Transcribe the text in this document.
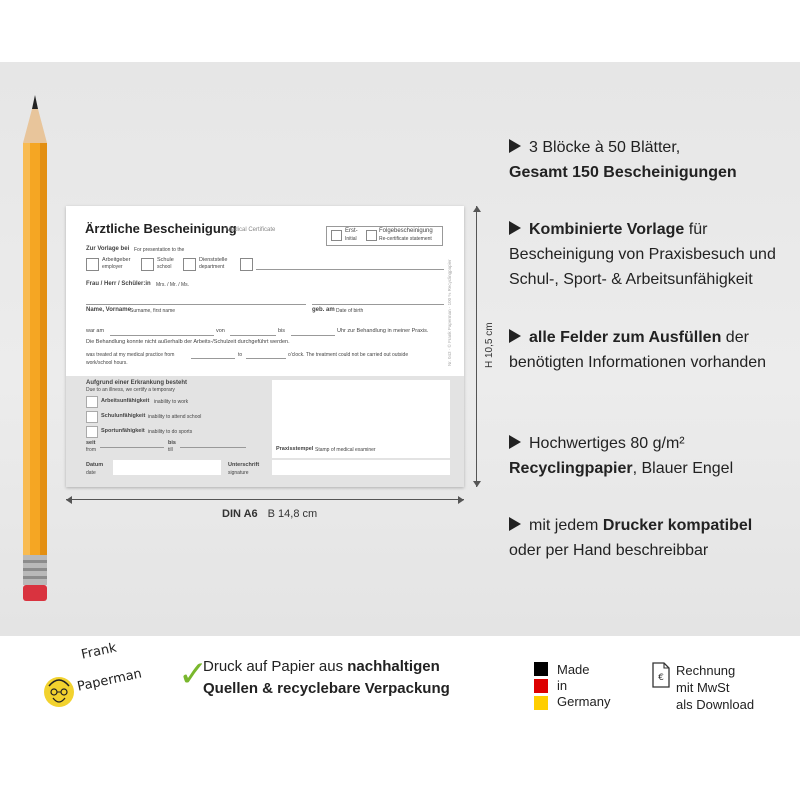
Ärztliche Bescheinigung
Medical Certificate	Erst-
Initial
Folgebescheinigung
Re-certificate statement
Zur Vorlage bei For presentation to the
Arbeitgeber
employer
Schule
school
Dienststelle
department
Frau / Herr / Schüler:in Mrs. / Mr. / Ms.
Name, Vorname Surname, first name	geb. am Date of birth
war am	von	bis	Uhr zur Behandlung in meiner Praxis.
Die Behandlung konnte nicht außerhalb der Arbeits-/Schulzeit durchgeführt werden.
was treated at my medical practice from	to	o'clock. The treatment could not be carried out outside
work/school hours.	Nr. 043 · © Frank Paperman · 100 % Recyclingpapier
Aufgrund einer Erkrankung besteht
Due to an illness, we certify a temporary
Arbeitsunfähigkeit inability to work
Schulunfähigkeit inability to attend school
Sportunfähigkeit inability to do sports
seit
from
bis
till	Praxisstempel Stamp of medical examiner
Datum
date
Unterschrift
signature
DIN A6 B 14,8 cm
H 10,5 cm
3 Blöcke à 50 Blätter,
Gesamt 150 Bescheinigungen
Kombinierte Vorlage für Bescheinigung von Praxisbesuch und Schul-, Sport- & Arbeitsunfähigkeit
alle Felder zum Ausfüllen der benötigten Informationen vorhanden
Hochwertiges 80 g/m²
Recyclingpapier, Blauer Engel
mit jedem Drucker kompatibel
oder per Hand beschreibbar
Frank
Paperman ✓
Druck auf Papier aus nachhaltigen
Quellen & recyclebare Verpackung
Made
in
Germany
€ Rechnung
mit MwSt
als Download
